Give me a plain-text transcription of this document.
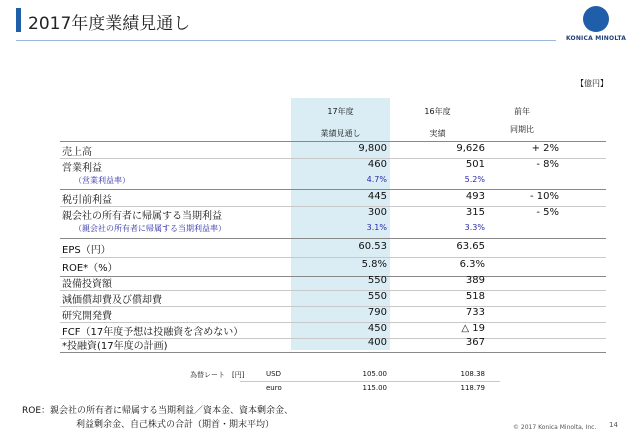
2017年度業績見通し
KONICA MINOLTA
【億円】
17年度
業績見通し
16年度
実績
前年
同期比
売上高	9,800	9,626	+ 2%
営業利益	460	501	- 8%
（営業利益率）	4.7%	5.2%
税引前利益	445	493	- 10%
親会社の所有者に帰属する当期利益	300	315	- 5%
（親会社の所有者に帰属する当期利益率）	3.1%	3.3%
EPS（円）	60.53	63.65
ROE*（%）	5.8%	6.3%
設備投資額	550	389
減価償却費及び償却費	550	518
研究開発費	790	733
FCF（17年度予想は投融資を含めない）	450	△ 19
*投融資(17年度の計画)	400	367
為替レート　[円]	USD	105.00	108.38
euro	115.00	118.79
ROE：親会社の所有者に帰属する当期利益／資本金、資本剰余金、
利益剰余金、自己株式の合計（期首・期末平均）	© 2017 Konica Minolta, Inc. 14
